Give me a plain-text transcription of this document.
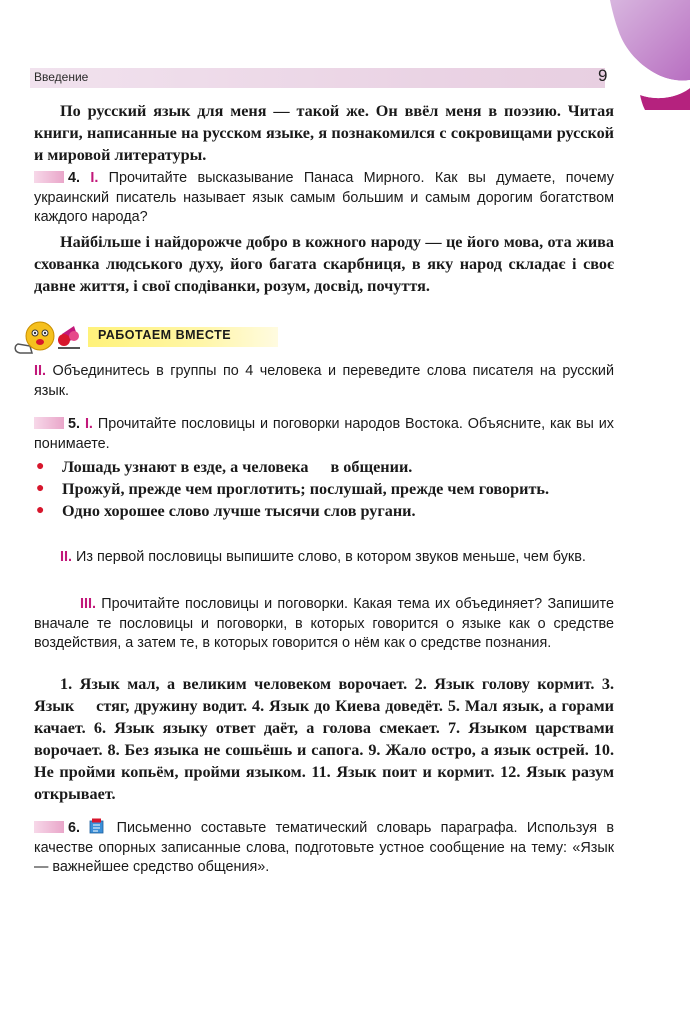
Введение	9

По русский язык для меня — такой же. Он ввёл меня в поэзию. Читая книги, написанные на русском языке, я познакомился с сокровищами русской и мировой литературы.

4. I. Прочитайте высказывание Панаса Мирного. Как вы думаете, почему украинский писатель называет язык самым большим и самым дорогим богатством каждого народа?

Найбільше і найдорожче добро в кожного народу — це його мова, ота жива схованка людського духу, його багата скарбниця, в яку народ складає і своє давне життя, і свої сподіванки, розум, досвід, почуття.

РАБОТАЕМ ВМЕСТЕ

II. Объединитесь в группы по 4 человека и переведите слова писателя на русский язык.

5. I. Прочитайте пословицы и поговорки народов Востока. Объясните, как вы их понимаете.

●	Лошадь узнают в езде, а человека в общении.
●	Прожуй, прежде чем проглотить; послушай, прежде чем говорить.
●	Одно хорошее слово лучше тысячи слов ругани.

II. Из первой пословицы выпишите слово, в котором звуков меньше, чем букв.

III. Прочитайте пословицы и поговорки. Какая тема их объединяет? Запишите вначале те пословицы и поговорки, в которых говорится о языке как о средстве воздействия, а затем те, в которых говорится о нём как о средстве познания.

1. Язык мал, а великим человеком ворочает. 2. Язык голову кормит. 3. Язык стяг, дружину водит. 4. Язык до Киева доведёт. 5. Мал язык, а горами качает. 6. Язык языку ответ даёт, а голова смекает. 7. Языком царствами ворочает. 8. Без языка не сошьёшь и сапога. 9. Жало остро, а язык острей. 10. Не пройми копьём, пройми языком. 11. Язык поит и кормит. 12. Язык разум открывает.

6.	Письменно составьте тематический словарь параграфа. Используя в качестве опорных записанные слова, подготовьте устное сообщение на тему: «Язык — важнейшее средство общения».
